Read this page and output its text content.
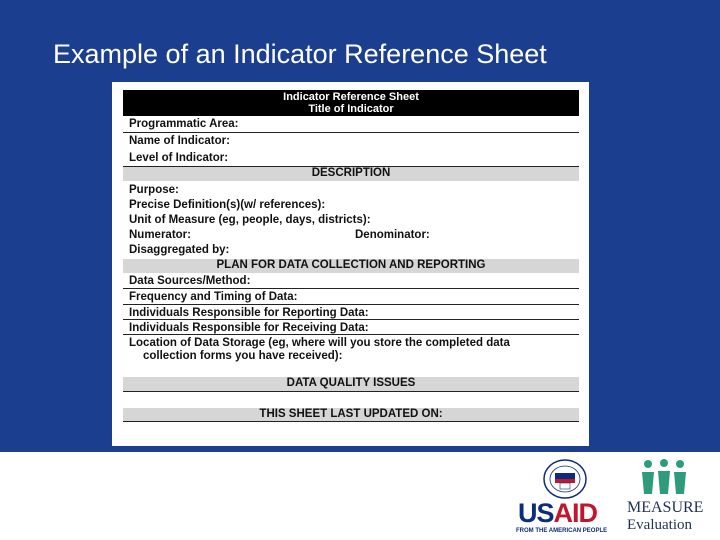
Example of an Indicator Reference Sheet
Indicator Reference Sheet
Title of Indicator
Programmatic Area:
Name of Indicator:
Level of Indicator:
DESCRIPTION
Purpose:
Precise Definition(s)(w/ references):
Unit of Measure (eg, people, days, districts):
Numerator:	Denominator:
Disaggregated by:
PLAN FOR DATA COLLECTION AND REPORTING
Data Sources/Method:
Frequency and Timing of Data:
Individuals Responsible for Reporting Data:
Individuals Responsible for Receiving Data:
Location of Data Storage (eg, where will you store the completed data
collection forms you have received):
DATA QUALITY ISSUES
THIS SHEET LAST UPDATED ON:
USAID
FROM THE AMERICAN PEOPLE
MEASURE
Evaluation
